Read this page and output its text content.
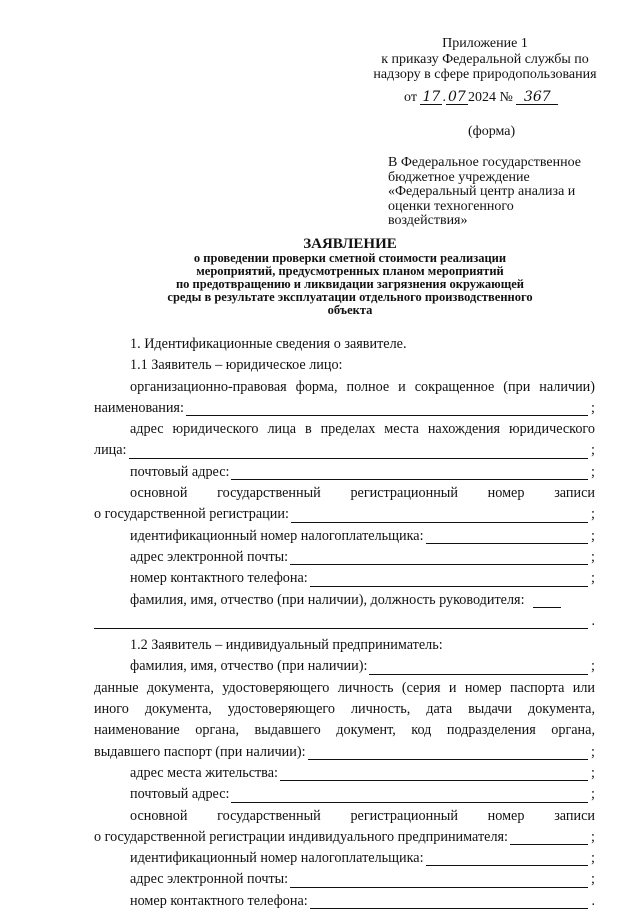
Приложение 1
к приказу Федеральной службы по
надзору в сфере природопользования
от 17 . 07 2024 № 367
(форма)
В Федеральное государственное
бюджетное учреждение
«Федеральный центр анализа и
оценки техногенного
воздействия»
ЗАЯВЛЕНИЕ
о проведении проверки сметной стоимости реализации
мероприятий, предусмотренных планом мероприятий
по предотвращению и ликвидации загрязнения окружающей
среды в результате эксплуатации отдельного производственного
объекта
1. Идентификационные сведения о заявителе.
1.1 Заявитель – юридическое лицо:
организационно-правовая форма, полное и сокращенное (при наличии)
наименования:	;
адрес юридического лица в пределах места нахождения юридического
лица:	;
почтовый адрес:	;
основной государственный регистрационный номер записи
о государственной регистрации:	;
идентификационный номер налогоплательщика:	;
адрес электронной почты:	;
номер контактного телефона:	;
фамилия, имя, отчество (при наличии), должность руководителя:
.
1.2 Заявитель – индивидуальный предприниматель:
фамилия, имя, отчество (при наличии):	;
данные документа, удостоверяющего личность (серия и номер паспорта или
иного документа, удостоверяющего личность, дата выдачи документа,
наименование органа, выдавшего документ, код подразделения органа,
выдавшего паспорт (при наличии):	;
адрес места жительства:	;
почтовый адрес:	;
основной государственный регистрационный номер записи
о государственной регистрации индивидуального предпринимателя:	;
идентификационный номер налогоплательщика:	;
адрес электронной почты:	;
номер контактного телефона:	.
